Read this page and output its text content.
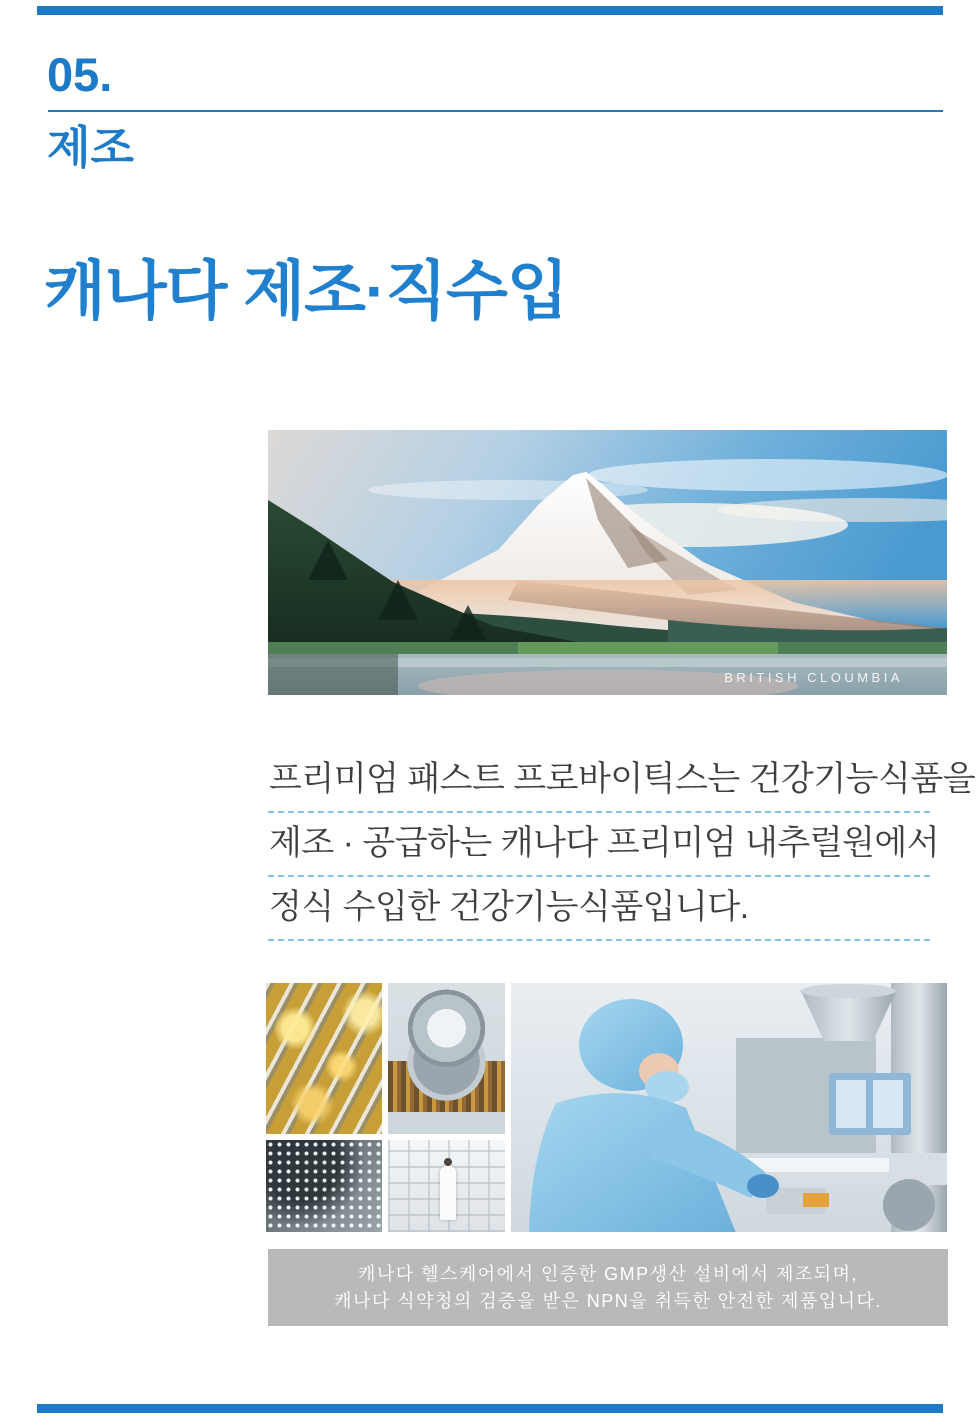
05.
제조
캐나다 제조·직수입
BRITISH CLOUMBIA
프리미엄 패스트 프로바이틱스는 건강기능식품을
제조 · 공급하는 캐나다 프리미엄 내추럴원에서
정식 수입한 건강기능식품입니다.
캐나다 헬스케어에서 인증한 GMP생산 설비에서 제조되며,
캐나다 식약청의 검증을 받은 NPN을 취득한 안전한 제품입니다.
